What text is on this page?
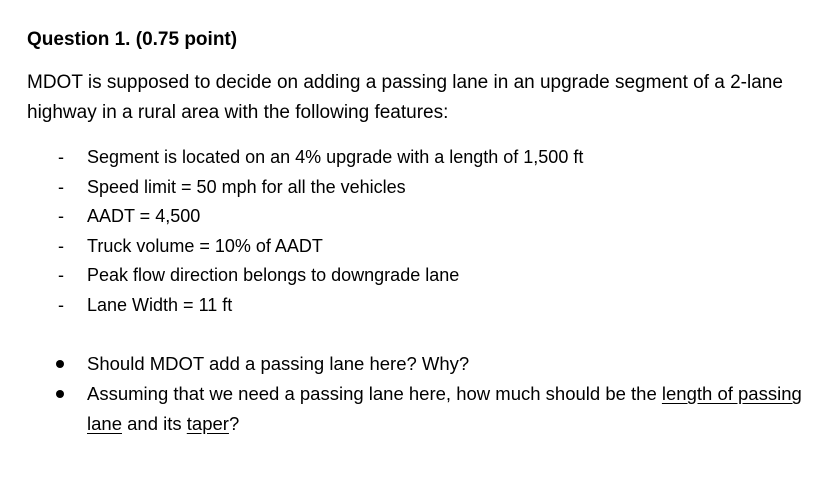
Question 1. (0.75 point)

MDOT is supposed to decide on adding a passing lane in an upgrade segment of a 2-lane highway in a rural area with the following features:

- Segment is located on an 4% upgrade with a length of 1,500 ft
- Speed limit = 50 mph for all the vehicles
- AADT = 4,500
- Truck volume = 10% of AADT
- Peak flow direction belongs to downgrade lane
- Lane Width = 11 ft
Should MDOT add a passing lane here? Why?
Assuming that we need a passing lane here, how much should be the length of passing lane and its taper?
